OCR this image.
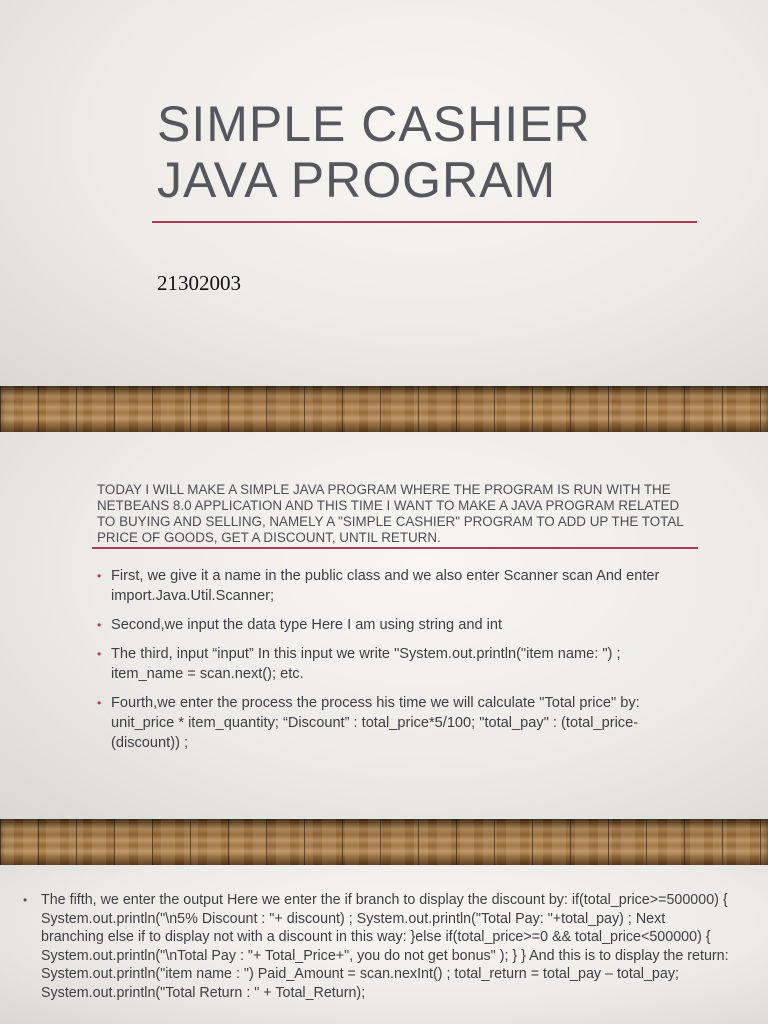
SIMPLE CASHIER
JAVA PROGRAM
21302003

TODAY I WILL MAKE A SIMPLE JAVA PROGRAM WHERE THE PROGRAM IS RUN WITH THE NETBEANS 8.0 APPLICATION AND THIS TIME I WANT TO MAKE A JAVA PROGRAM RELATED TO BUYING AND SELLING, NAMELY A "SIMPLE CASHIER" PROGRAM TO ADD UP THE TOTAL PRICE OF GOODS, GET A DISCOUNT, UNTIL RETURN.

• First, we give it a name in the public class and we also enter Scanner scan And enter import.Java.Util.Scanner;
• Second,we input the data type Here I am using string and int
• The third, input “input” In this input we write "System.out.println("item name: ") ; item_name = scan.next(); etc.
• Fourth,we enter the process the process his time we will calculate "Total price" by: unit_price * item_quantity; “Discount” : total_price*5/100; "total_pay" : (total_price-(discount)) ;

• The fifth, we enter the output Here we enter the if branch to display the discount by: if(total_price>=500000) { System.out.println("\n5% Discount : "+ discount) ; System.out.println("Total Pay: "+total_pay) ; Next branching else if to display not with a discount in this way: }else if(total_price>=0 && total_price<500000) { System.out.println("\nTotal Pay : "+ Total_Price+", you do not get bonus" ); } } And this is to display the return: System.out.println("item name : ") Paid_Amount = scan.nexInt() ; total_return = total_pay – total_pay; System.out.println("Total Return : " + Total_Return);
